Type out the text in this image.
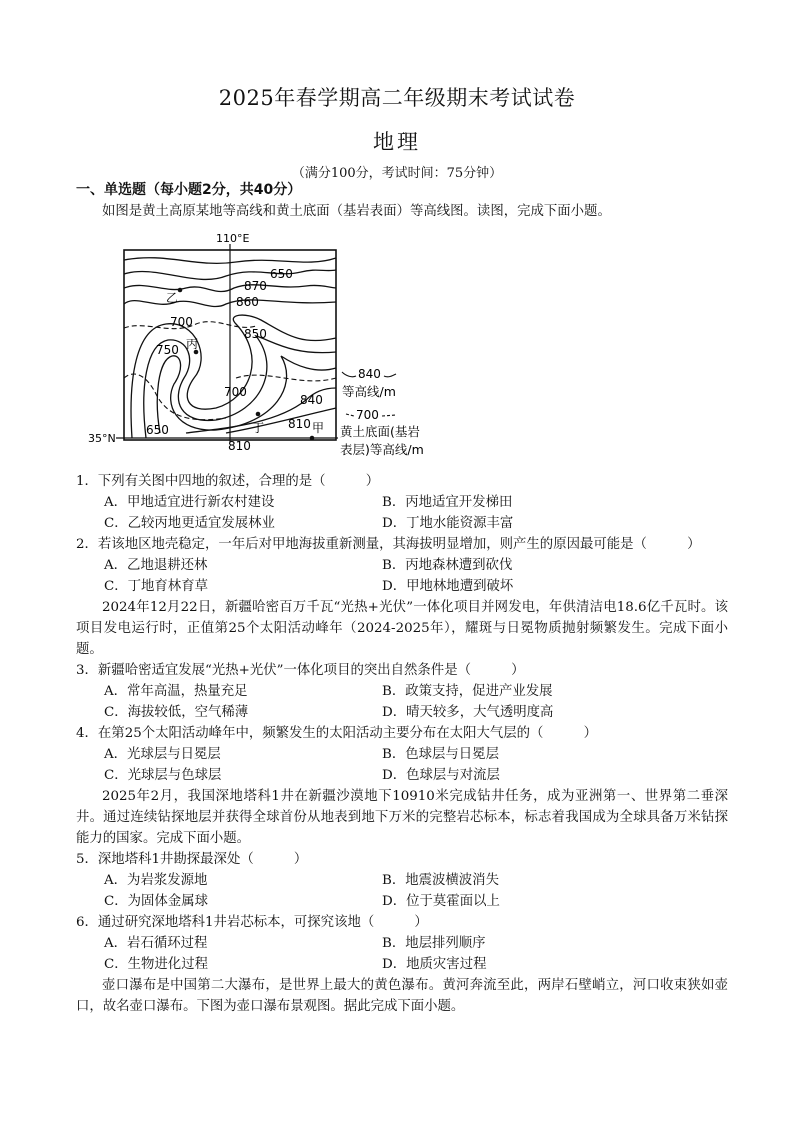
2025年春学期高二年级期末考试试卷
地理
（满分100分，考试时间：75分钟）
一、单选题（每小题2分，共40分）
如图是黄土高原某地等高线和黄土底面（基岩表面）等高线图。读图，完成下面小题。
110°E
35°N
650
870
860
700
850
750
700
840
810
650
810
乙
丙
丁	甲
840
等高线/m
700
黄土底面(基岩
表层)等高线/m
1．下列有关图中四地的叙述，合理的是（　　　）
A．甲地适宜进行新农村建设	B．丙地适宜开发梯田
C．乙较丙地更适宜发展林业	D．丁地水能资源丰富
2．若该地区地壳稳定，一年后对甲地海拔重新测量，其海拔明显增加，则产生的原因最可能是（　　　）
A．乙地退耕还林	B．丙地森林遭到砍伐
C．丁地育林育草	D．甲地林地遭到破坏
2024年12月22日，新疆哈密百万千瓦“光热+光伏”一体化项目并网发电，年供清洁电18.6亿千瓦时。该项目发电运行时，正值第25个太阳活动峰年（2024-2025年），耀斑与日冕物质抛射频繁发生。完成下面小题。
3．新疆哈密适宜发展“光热+光伏”一体化项目的突出自然条件是（　　　）
A．常年高温，热量充足	B．政策支持，促进产业发展
C．海拔较低，空气稀薄	D．晴天较多，大气透明度高
4．在第25个太阳活动峰年中，频繁发生的太阳活动主要分布在太阳大气层的（　　　）
A．光球层与日冕层	B．色球层与日冕层
C．光球层与色球层	D．色球层与对流层
2025年2月，我国深地塔科1井在新疆沙漠地下10910米完成钻井任务，成为亚洲第一、世界第二垂深井。通过连续钻探地层并获得全球首份从地表到地下万米的完整岩芯标本，标志着我国成为全球具备万米钻探能力的国家。完成下面小题。
5．深地塔科1井勘探最深处（　　　）
A．为岩浆发源地	B．地震波横波消失
C．为固体金属球	D．位于莫霍面以上
6．通过研究深地塔科1井岩芯标本，可探究该地（　　　）
A．岩石循环过程	B．地层排列顺序
C．生物进化过程	D．地质灾害过程
壶口瀑布是中国第二大瀑布，是世界上最大的黄色瀑布。黄河奔流至此，两岸石壁峭立，河口收束狭如壶口，故名壶口瀑布。下图为壶口瀑布景观图。据此完成下面小题。
